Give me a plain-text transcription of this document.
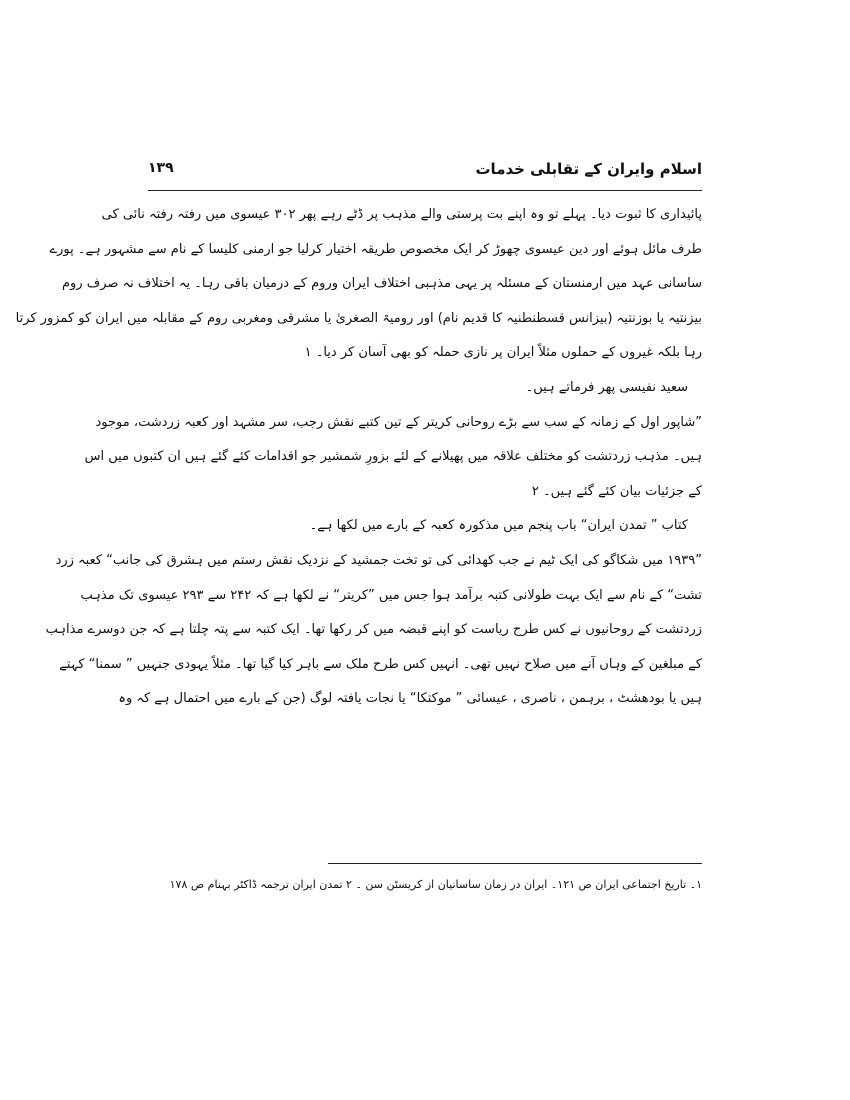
اسلام وایران کے تقابلی خدمات
۱۳۹
پائیداری کا ثبوت دیا۔ پہلے تو وہ اپنے بت پرستی والے مذہب پر ڈٹے رہے پھر ۳۰۲ عیسوی میں رفتہ رفتہ نائی کی
طرف مائل ہوئے اور دین عیسوی چھوڑ کر ایک مخصوص طریقہ اختیار کرلیا جو ارمنی کلیسا کے نام سے مشہور ہے۔ پورے
ساسانی عہد میں ارمنستان کے مسئلہ پر یہی مذہبی اختلاف ایران وروم کے درمیان باقی رہا۔ یہ اختلاف نہ صرف روم
بیزنتیہ یا بوزنتیہ (بیزانس قسطنطنیہ کا قدیم نام) اور رومیۃ الصغریٰ یا مشرقی ومغربی روم کے مقابلہ میں ایران کو کمزور کرتا
رہا بلکہ غیروں کے حملوں مثلاً ایران پر نازی حملہ کو بھی آسان کر دیا۔ ۱
سعید نفیسی پھر فرماتے ہیں۔
”شاپور اول کے زمانہ کے سب سے بڑے روحانی کریتر کے تین کتبے نقش رجب، سر مشہد اور کعبہ زردشت، موجود
ہیں۔ مذہب زردتشت کو مختلف علاقہ میں پھیلانے کے لئے بزورِ شمشیر جو اقدامات کئے گئے ہیں ان کتبوں میں اس
کے جزئیات بیان کئے گئے ہیں۔ ۲
کتاب ” تمدن ایران“ باب پنجم میں مذکورہ کعبہ کے بارے میں لکھا ہے۔
”۱۹۳۹ میں شکاگو کی ایک ٹیم نے جب کھدائی کی تو تخت جمشید کے نزدیک نقش رستم میں ہشرق کی جانب“ کعبہ زرد
تشت“ کے نام سے ایک بہت طولانی کتبہ برآمد ہوا جس میں ”کریتر“ نے لکھا ہے کہ ۲۴۲ سے ۲۹۳ عیسوی تک مذہب
زردتشت کے روحانیوں نے کس طرح ریاست کو اپنے قبضہ میں کر رکھا تھا۔ ایک کتبہ سے پتہ چلتا ہے کہ جن دوسرے مذاہب
کے مبلغین کے وہاں آنے میں صلاح نہیں تھی۔ انہیں کس طرح ملک سے باہر کیا گیا تھا۔ مثلاً یہودی جنہیں ” سمنا“ کہتے
ہیں یا بودھشٹ ، برہمن ، ناصری ، عیسائی ” موکتکا“ یا نجات یافتہ لوگ (جن کے بارے میں احتمال ہے کہ وہ
۱۔ تاریخ اجتماعی ایران ص ۱۲۱۔ ایران در زمان ساسانیان از کریسٹن سن ۔ ۲ تمدن ایران ترجمہ ڈاکٹر بہنام ص ۱۷۸
